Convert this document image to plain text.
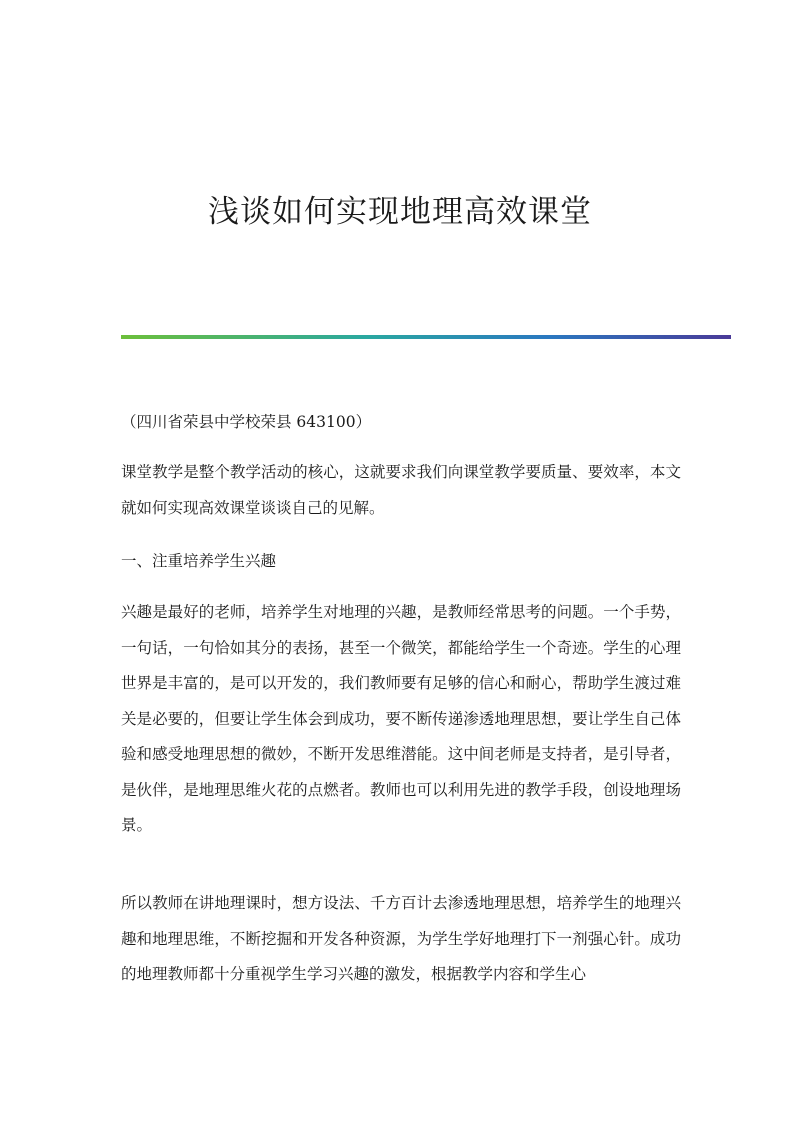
浅谈如何实现地理高效课堂

（四川省荣县中学校荣县 643100）

课堂教学是整个教学活动的核心，这就要求我们向课堂教学要质量、要效率，本文就如何实现高效课堂谈谈自己的见解。

一、注重培养学生兴趣

兴趣是最好的老师，培养学生对地理的兴趣，是教师经常思考的问题。一个手势，一句话，一句恰如其分的表扬，甚至一个微笑，都能给学生一个奇迹。学生的心理世界是丰富的，是可以开发的，我们教师要有足够的信心和耐心，帮助学生渡过难关是必要的，但要让学生体会到成功，要不断传递渗透地理思想，要让学生自己体验和感受地理思想的微妙，不断开发思维潜能。这中间老师是支持者，是引导者，是伙伴，是地理思维火花的点燃者。教师也可以利用先进的教学手段，创设地理场景。

所以教师在讲地理课时，想方设法、千方百计去渗透地理思想，培养学生的地理兴趣和地理思维，不断挖掘和开发各种资源，为学生学好地理打下一剂强心针。成功的地理教师都十分重视学生学习兴趣的激发，根据教学内容和学生心
